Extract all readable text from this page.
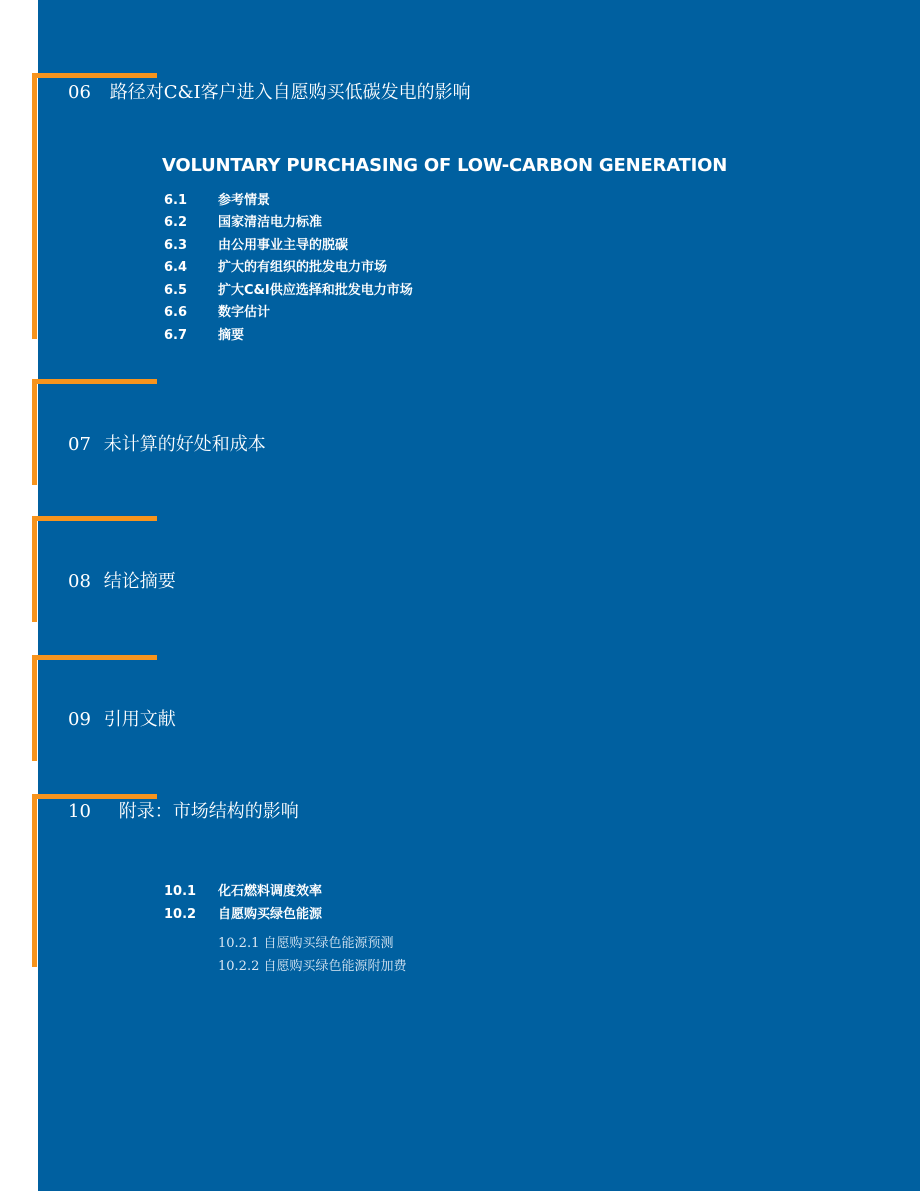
06 路径对C&I客户进入自愿购买低碳发电的影响
VOLUNTARY PURCHASING OF LOW-CARBON GENERATION
6.1 参考情景
6.2 国家清洁电力标准
6.3 由公用事业主导的脱碳
6.4 扩大的有组织的批发电力市场
6.5 扩大C&I供应选择和批发电力市场
6.6 数字估计
6.7 摘要
07 未计算的好处和成本
08 结论摘要
09 引用文献
10 附录：市场结构的影响
10.1 化石燃料调度效率
10.2 自愿购买绿色能源
10.2.1 自愿购买绿色能源预测
10.2.2 自愿购买绿色能源附加费
